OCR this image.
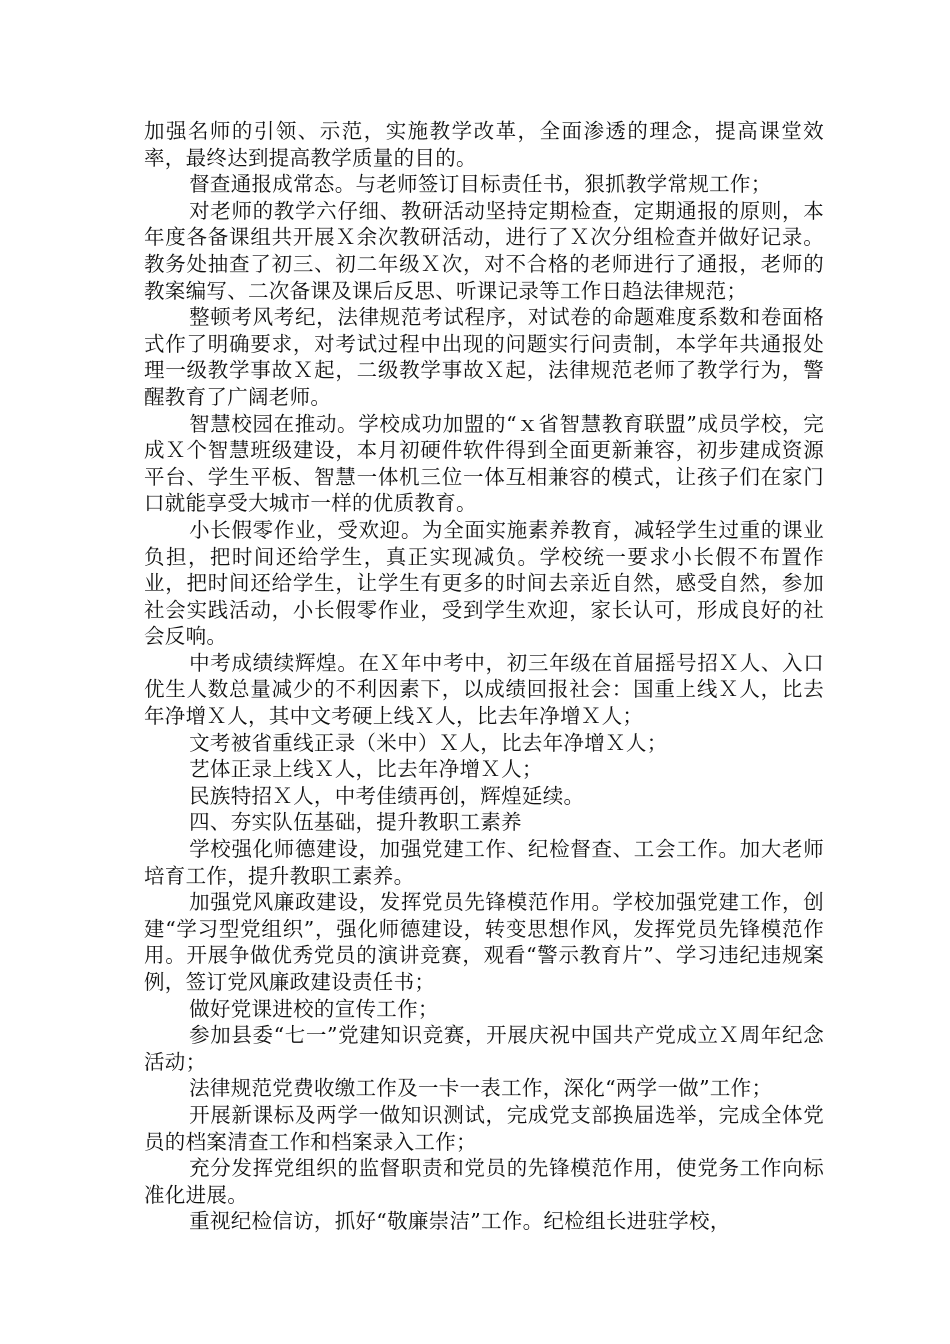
加强名师的引领、示范，实施教学改革，全面渗透的理念，提高课堂效率，最终达到提高教学质量的目的。

督查通报成常态。与老师签订目标责任书，狠抓教学常规工作；

对老师的教学六仔细、教研活动坚持定期检查，定期通报的原则，本年度各备课组共开展Ｘ余次教研活动，进行了Ｘ次分组检查并做好记录。教务处抽查了初三、初二年级Ｘ次，对不合格的老师进行了通报，老师的教案编写、二次备课及课后反思、听课记录等工作日趋法律规范；

整顿考风考纪，法律规范考试程序，对试卷的命题难度系数和卷面格式作了明确要求，对考试过程中出现的问题实行问责制，本学年共通报处理一级教学事故Ｘ起，二级教学事故Ｘ起，法律规范老师了教学行为，警醒教育了广阔老师。

智慧校园在推动。学校成功加盟的“ｘ省智慧教育联盟”成员学校，完成Ｘ个智慧班级建设，本月初硬件软件得到全面更新兼容，初步建成资源平台、学生平板、智慧一体机三位一体互相兼容的模式，让孩子们在家门口就能享受大城市一样的优质教育。

小长假零作业，受欢迎。为全面实施素养教育，减轻学生过重的课业负担，把时间还给学生，真正实现减负。学校统一要求小长假不布置作业，把时间还给学生，让学生有更多的时间去亲近自然，感受自然，参加社会实践活动，小长假零作业，受到学生欢迎，家长认可，形成良好的社会反响。

中考成绩续辉煌。在Ｘ年中考中，初三年级在首届摇号招Ｘ人、入口优生人数总量减少的不利因素下，以成绩回报社会：国重上线Ｘ人，比去年净增Ｘ人，其中文考硬上线Ｘ人，比去年净增Ｘ人；

文考被省重线正录（米中）Ｘ人，比去年净增Ｘ人；

艺体正录上线Ｘ人，比去年净增Ｘ人；

民族特招Ｘ人，中考佳绩再创，辉煌延续。

四、夯实队伍基础，提升教职工素养

学校强化师德建设，加强党建工作、纪检督查、工会工作。加大老师培育工作，提升教职工素养。

加强党风廉政建设，发挥党员先锋模范作用。学校加强党建工作，创建“学习型党组织”，强化师德建设，转变思想作风，发挥党员先锋模范作用。开展争做优秀党员的演讲竞赛，观看“警示教育片”、学习违纪违规案例，签订党风廉政建设责任书；

做好党课进校的宣传工作；

参加县委“七一”党建知识竞赛，开展庆祝中国共产党成立Ｘ周年纪念活动；

法律规范党费收缴工作及一卡一表工作，深化“两学一做”工作；

开展新课标及两学一做知识测试，完成党支部换届选举，完成全体党员的档案清查工作和档案录入工作；

充分发挥党组织的监督职责和党员的先锋模范作用，使党务工作向标准化进展。

重视纪检信访，抓好“敬廉崇洁”工作。纪检组长进驻学校，
